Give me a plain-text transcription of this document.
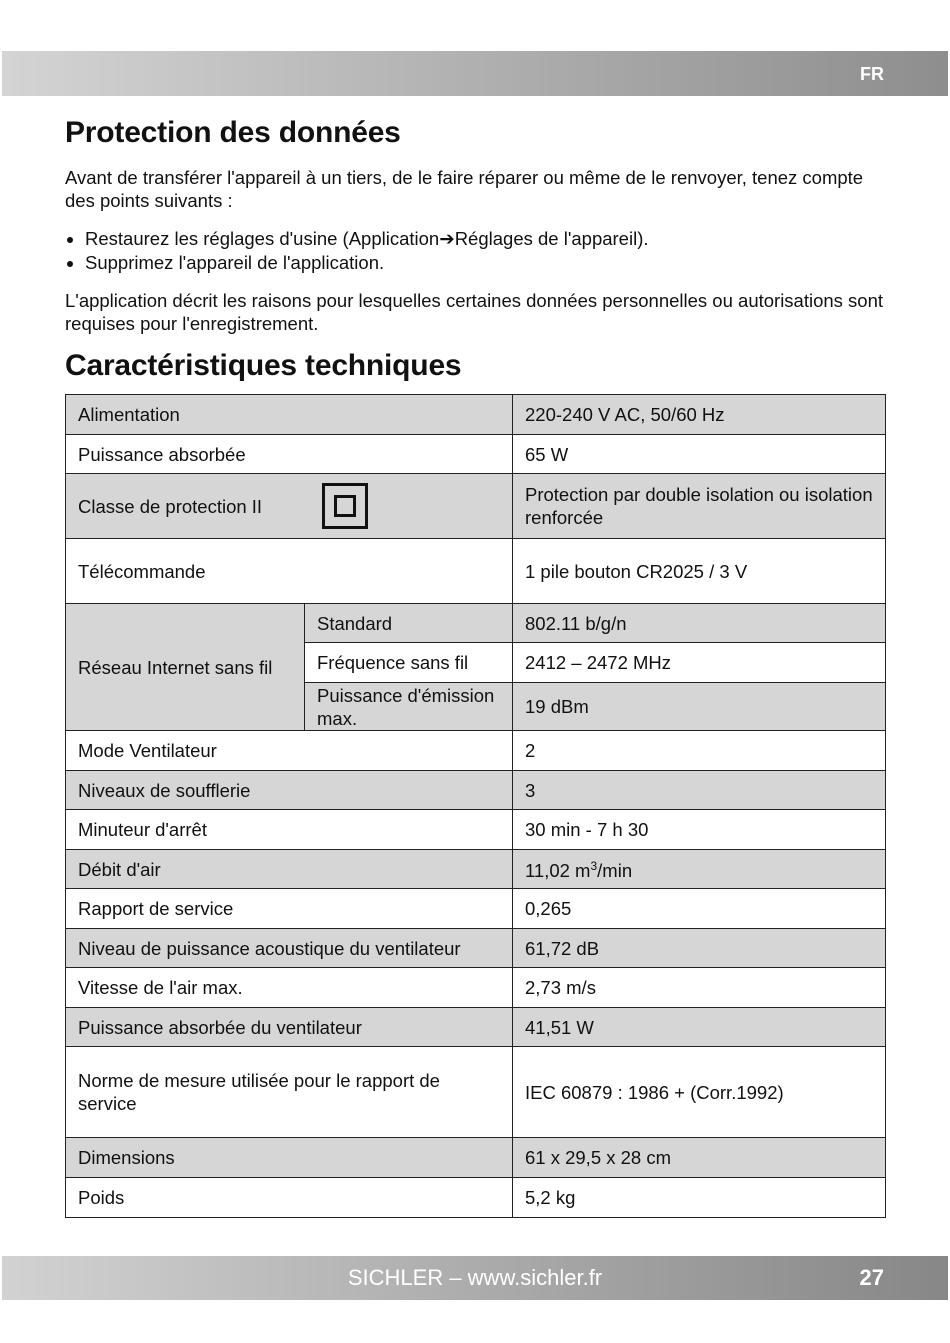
FR
Protection des données

Avant de transférer l'appareil à un tiers, de le faire réparer ou même de le renvoyer, tenez compte des points suivants :

Restaurez les réglages d'usine (Application➔Réglages de l'appareil).
Supprimez l'appareil de l'application.

L'application décrit les raisons pour lesquelles certaines données personnelles ou autorisations sont requises pour l'enregistrement.

Caractéristiques techniques
Alimentation		220-240 V AC, 50/60 Hz
Puissance absorbée		65 W

Classe de protection II		Protection par double isolation ou isolation renforcée
Télécommande		1 pile bouton CR2025 / 3 V
Réseau Internet sans fil	Standard	802.11 b/g/n
	Fréquence sans fil	2412 – 2472 MHz
	Puissance d'émission max.	19 dBm
Mode Ventilateur		2
Niveaux de soufflerie		3
Minuteur d'arrêt		30 min - 7 h 30
Débit d'air		11,02 $m^3/\min$
Rapport de service		0,265
Niveau de puissance acoustique du ventilateur		61,72 dB
Vitesse de l'air max.		2,73 m/s
Puissance absorbée du ventilateur		41,51 W
Norme de mesure utilisée pour le rapport de service		IEC 60879 : 1986 + (Corr.1992)
Dimensions		61 x 29,5 x 28 cm
Poids		5,2 kg
SICHLER – www.sichler.fr	27
